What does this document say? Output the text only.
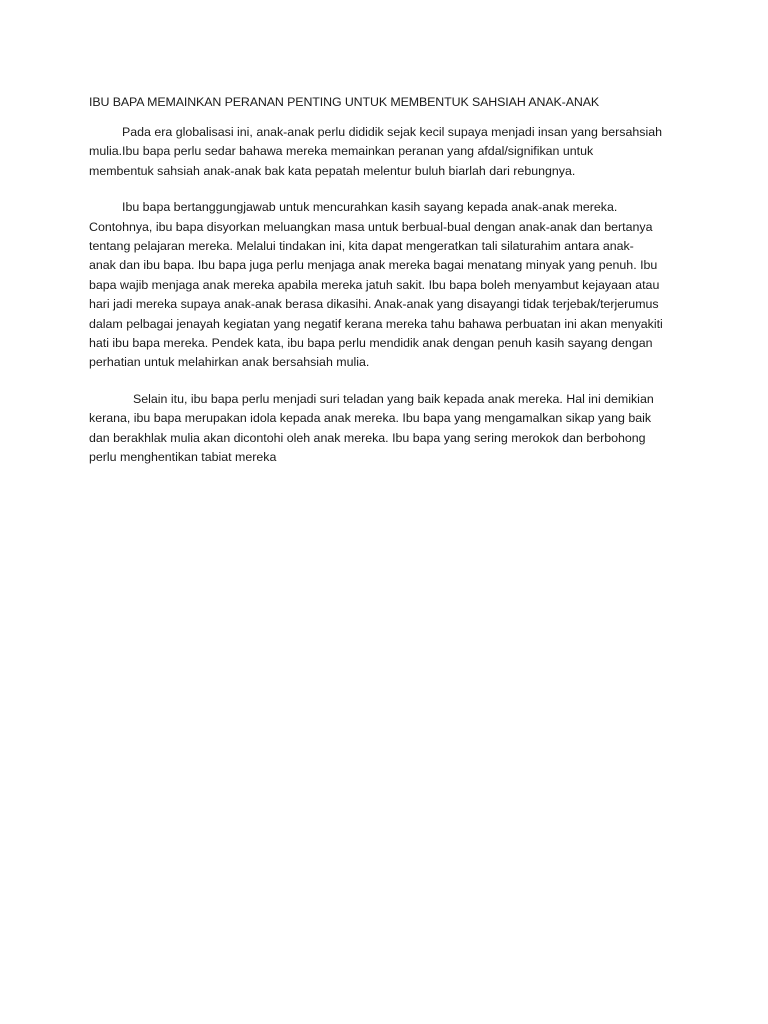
IBU BAPA MEMAINKAN PERANAN PENTING UNTUK MEMBENTUK SAHSIAH ANAK-ANAK

Pada era globalisasi ini, anak-anak perlu dididik sejak kecil supaya menjadi insan yang bersahsiah
mulia.Ibu bapa perlu sedar bahawa mereka memainkan peranan yang afdal/signifikan untuk
membentuk sahsiah anak-anak bak kata pepatah melentur buluh biarlah dari rebungnya.

Ibu bapa bertanggungjawab untuk mencurahkan kasih sayang kepada anak-anak mereka.
Contohnya, ibu bapa disyorkan meluangkan masa untuk berbual-bual dengan anak-anak dan bertanya
tentang pelajaran mereka. Melalui tindakan ini, kita dapat mengeratkan tali silaturahim antara anak-
anak dan ibu bapa. Ibu bapa juga perlu menjaga anak mereka bagai menatang minyak yang penuh. Ibu
bapa wajib menjaga anak mereka apabila mereka jatuh sakit. Ibu bapa boleh menyambut kejayaan atau
hari jadi mereka supaya anak-anak berasa dikasihi. Anak-anak yang disayangi tidak terjebak/terjerumus
dalam pelbagai jenayah kegiatan yang negatif kerana mereka tahu bahawa perbuatan ini akan menyakiti
hati ibu bapa mereka. Pendek kata, ibu bapa perlu mendidik anak dengan penuh kasih sayang dengan
perhatian untuk melahirkan anak bersahsiah mulia.

Selain itu, ibu bapa perlu menjadi suri teladan yang baik kepada anak mereka. Hal ini demikian
kerana, ibu bapa merupakan idola kepada anak mereka. Ibu bapa yang mengamalkan sikap yang baik
dan berakhlak mulia akan dicontohi oleh anak mereka. Ibu bapa yang sering merokok dan berbohong
perlu menghentikan tabiat mereka
